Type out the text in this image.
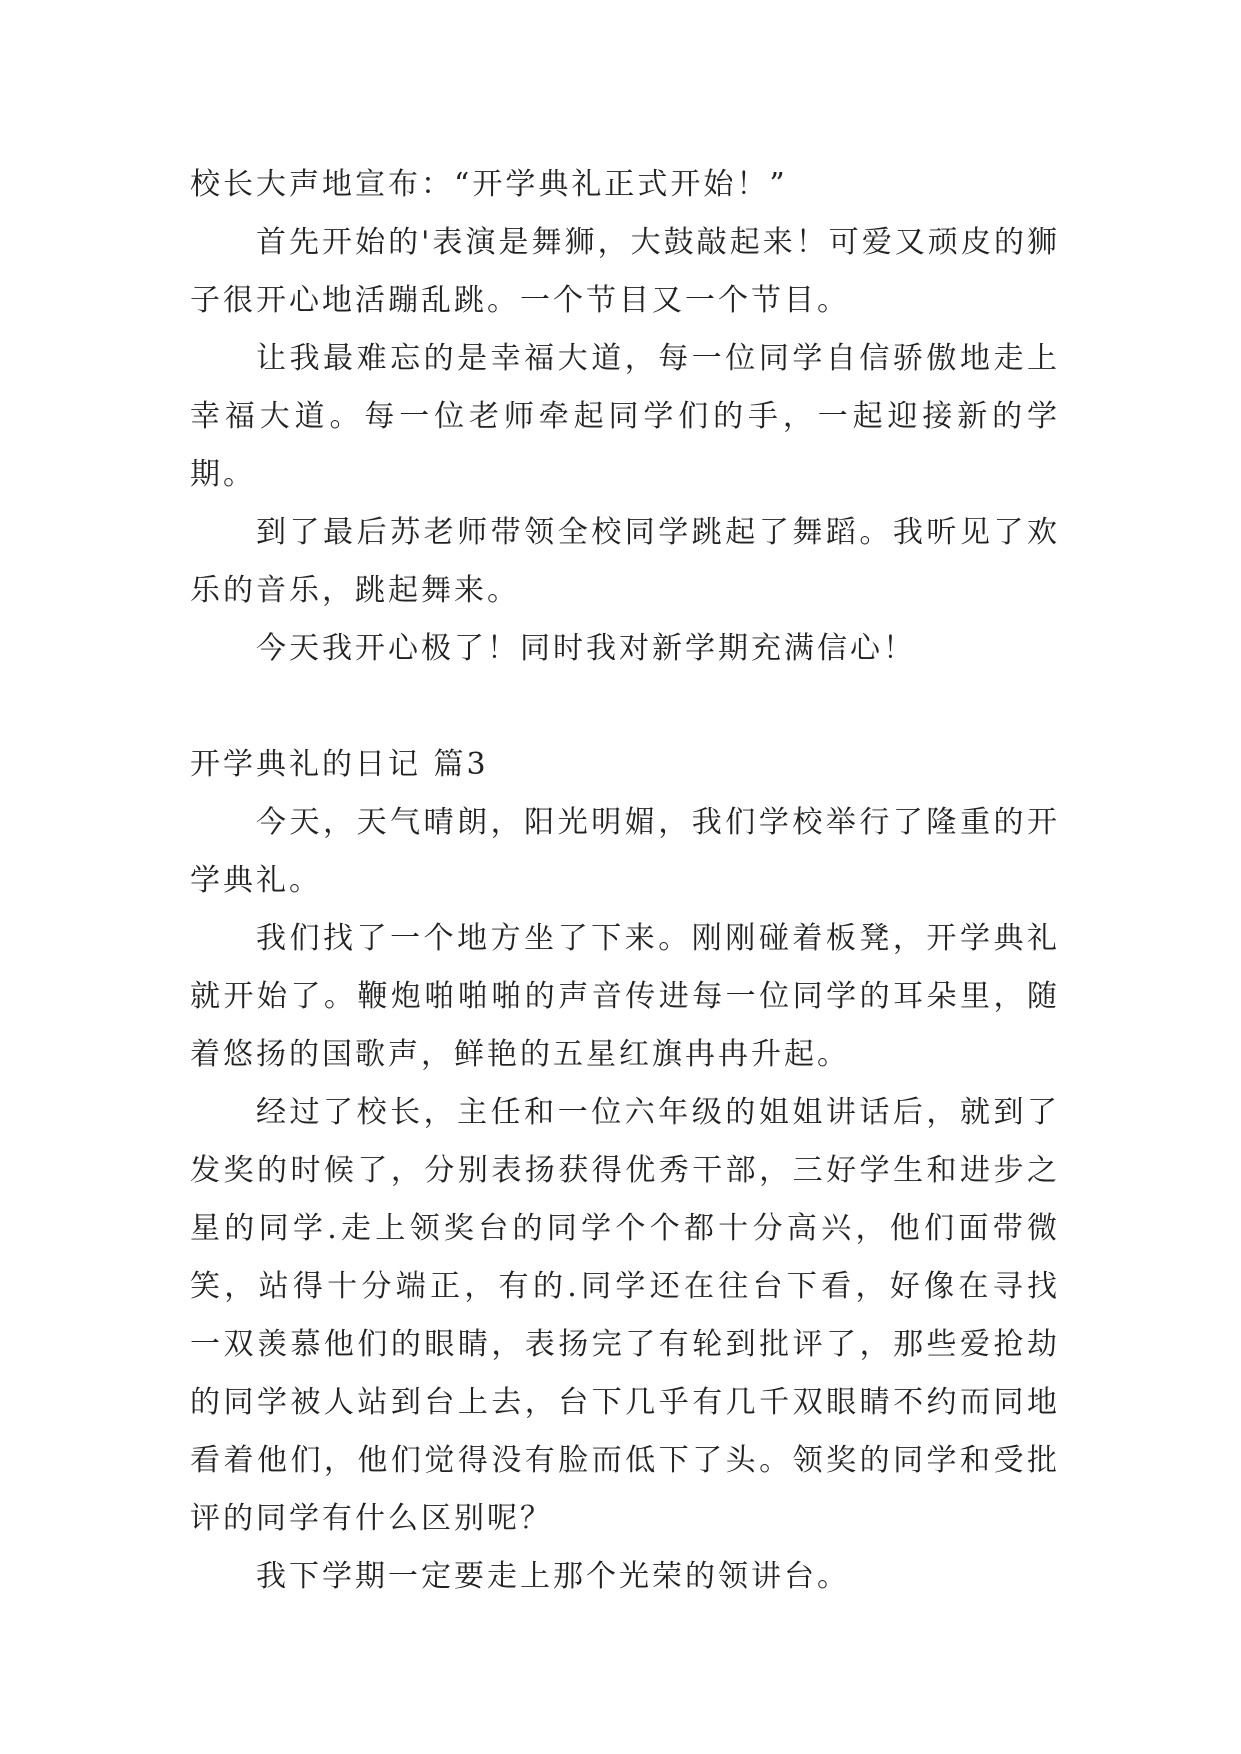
校长大声地宣布：“开学典礼正式开始！”

首先开始的'表演是舞狮，大鼓敲起来！可爱又顽皮的狮子很开心地活蹦乱跳。一个节目又一个节目。

让我最难忘的是幸福大道，每一位同学自信骄傲地走上幸福大道。每一位老师牵起同学们的手，一起迎接新的学期。

到了最后苏老师带领全校同学跳起了舞蹈。我听见了欢乐的音乐，跳起舞来。

今天我开心极了！同时我对新学期充满信心！

开学典礼的日记 篇3

今天，天气晴朗，阳光明媚，我们学校举行了隆重的开学典礼。

我们找了一个地方坐了下来。刚刚碰着板凳，开学典礼就开始了。鞭炮啪啪啪的声音传进每一位同学的耳朵里，随着悠扬的国歌声，鲜艳的五星红旗冉冉升起。

经过了校长，主任和一位六年级的姐姐讲话后，就到了发奖的时候了，分别表扬获得优秀干部，三好学生和进步之星的同学.走上领奖台的同学个个都十分高兴，他们面带微笑，站得十分端正，有的.同学还在往台下看，好像在寻找一双羡慕他们的眼睛，表扬完了有轮到批评了，那些爱抢劫的同学被人站到台上去，台下几乎有几千双眼睛不约而同地看着他们，他们觉得没有脸而低下了头。领奖的同学和受批评的同学有什么区别呢？

我下学期一定要走上那个光荣的领讲台。
